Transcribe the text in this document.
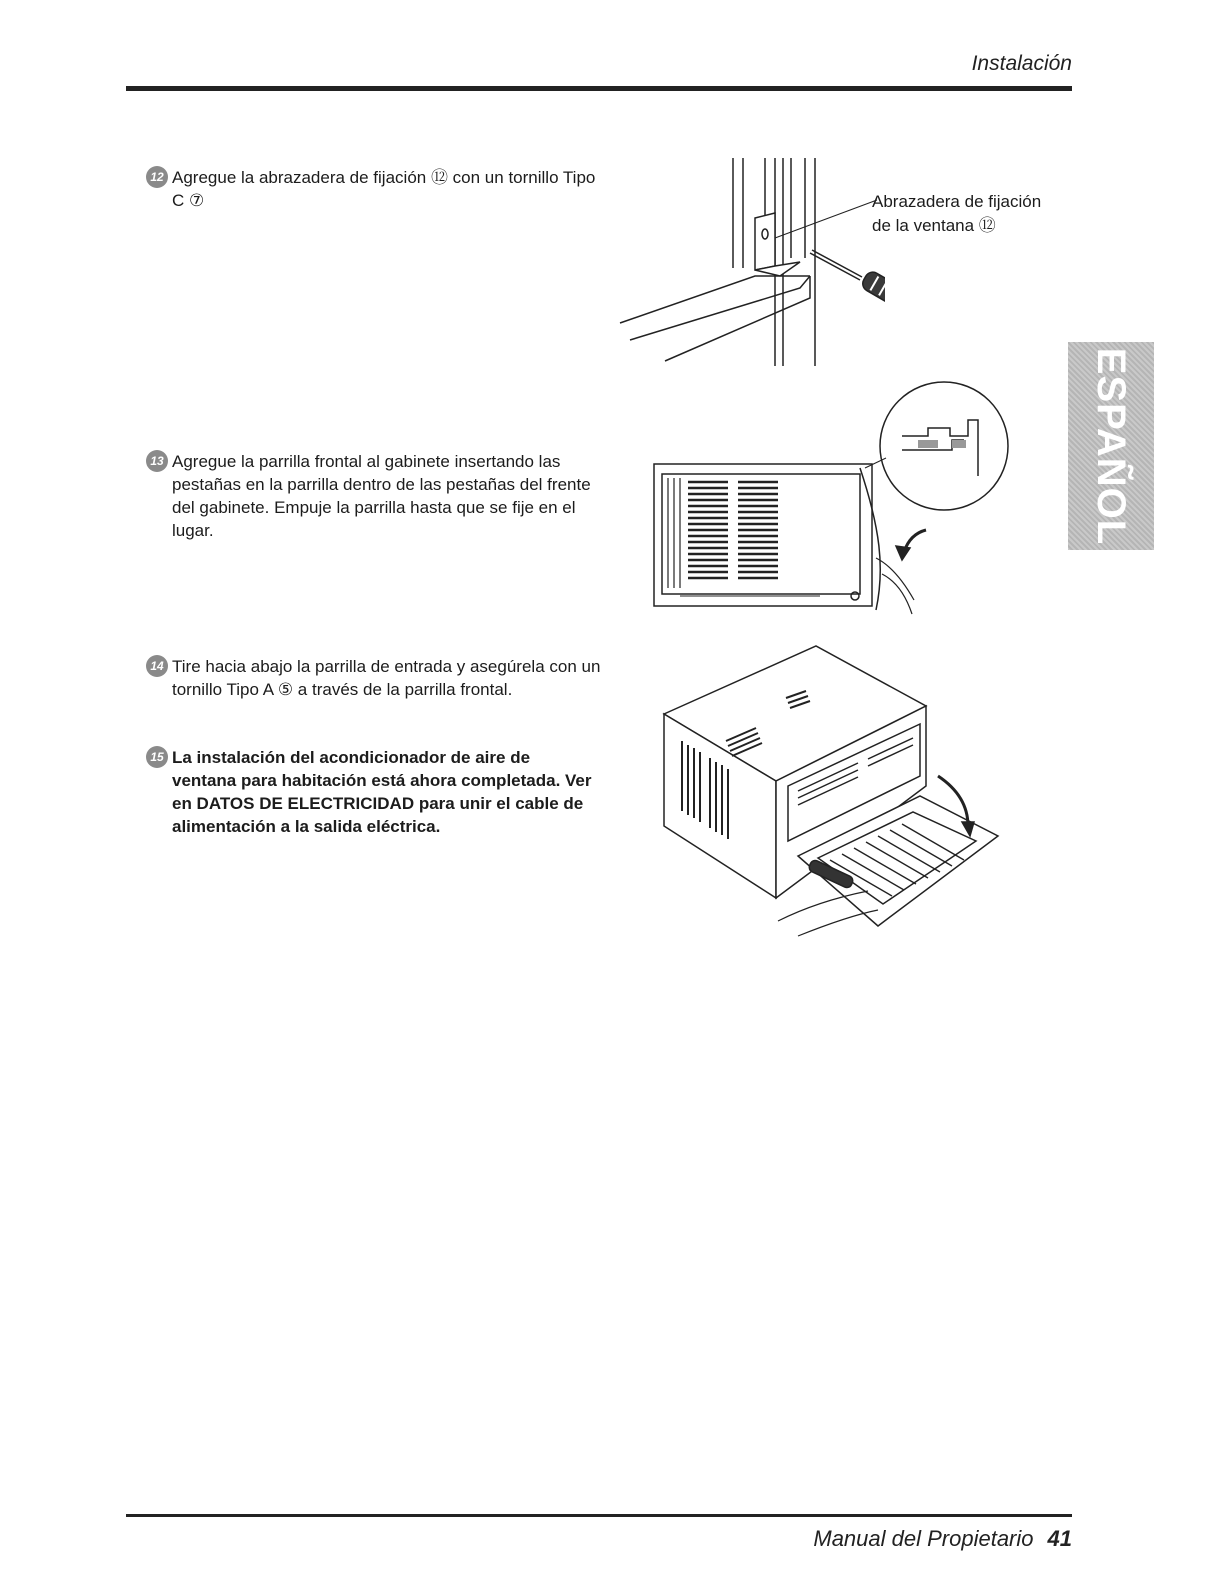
Instalación
12 Agregue la abrazadera de fijación ⑫ con un tornillo Tipo C ⑦
13 Agregue la parrilla frontal al gabinete insertando las pestañas en la parrilla dentro de las pestañas del frente del gabinete. Empuje la parrilla hasta que se fije en el lugar.
14 Tire hacia abajo la parrilla de entrada y asegúrela con un tornillo Tipo A ⑤ a través de la parrilla frontal.
15 La instalación del acondicionador de aire de ventana para habitación está ahora completada. Ver en DATOS DE ELECTRICIDAD para unir el cable de alimentación a la salida eléctrica.
ESPAÑOL
Abrazadera de fijación
de la ventana ⑫
Manual del Propietario 41
